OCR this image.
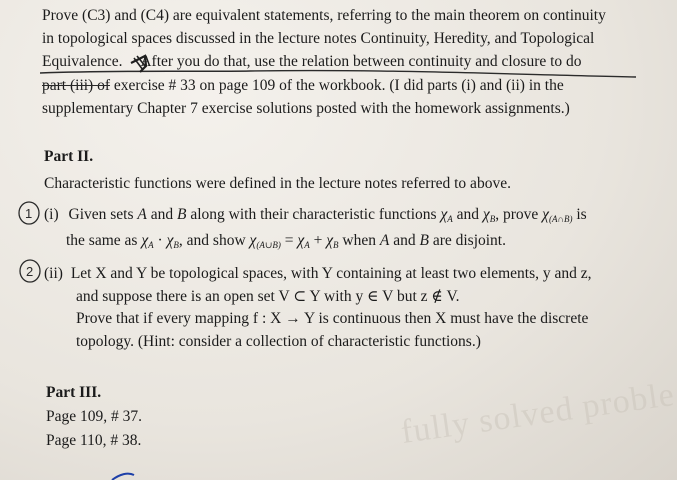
Prove (C3) and (C4) are equivalent statements, referring to the main theorem on continuity
in topological spaces discussed in the lecture notes Continuity, Heredity, and Topological
Equivalence. After you do that, use the relation between continuity and closure to do
part (iii) of exercise # 33 on page 109 of the workbook. (I did parts (i) and (ii) in the
supplementary Chapter 7 exercise solutions posted with the homework assignments.)
Part II.
Characteristic functions were defined in the lecture notes referred to above.
(i) Given sets A and B along with their characteristic functions $\chi_A$ and $\chi_B$, prove $\chi_{(A\cap B)}$ is
the same as $\chi_A \cdot \chi_B$, and show $\chi_{(A\cup B)} = \chi_A + \chi_B$ when A and B are disjoint.
(ii) Let X and Y be topological spaces, with Y containing at least two elements, y and z,
and suppose there is an open set V ⊂ Y with y ∈ V but z ∉ V.
Prove that if every mapping f : X → Y is continuous then X must have the discrete
topology. (Hint: consider a collection of characteristic functions.)
Part III.
Page 109, # 37.
Page 110, # 38.	fully solved proble
1
2
